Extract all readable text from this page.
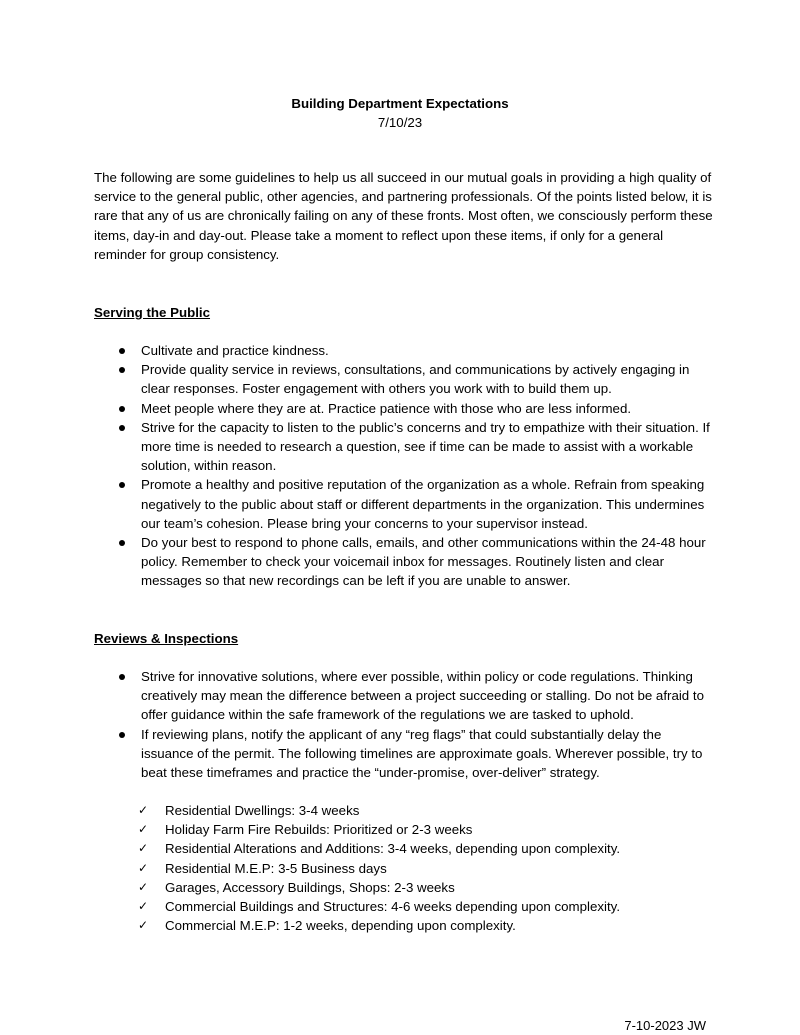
Building Department Expectations
7/10/23

The following are some guidelines to help us all succeed in our mutual goals in providing a high quality of service to the general public, other agencies, and partnering professionals. Of the points listed below, it is rare that any of us are chronically failing on any of these fronts. Most often, we consciously perform these items, day-in and day-out. Please take a moment to reflect upon these items, if only for a general reminder for group consistency.

Serving the Public
Cultivate and practice kindness.
Provide quality service in reviews, consultations, and communications by actively engaging in clear responses. Foster engagement with others you work with to build them up.
Meet people where they are at. Practice patience with those who are less informed.
Strive for the capacity to listen to the public’s concerns and try to empathize with their situation. If more time is needed to research a question, see if time can be made to assist with a workable solution, within reason.
Promote a healthy and positive reputation of the organization as a whole. Refrain from speaking negatively to the public about staff or different departments in the organization. This undermines our team’s cohesion. Please bring your concerns to your supervisor instead.
Do your best to respond to phone calls, emails, and other communications within the 24-48 hour policy. Remember to check your voicemail inbox for messages. Routinely listen and clear messages so that new recordings can be left if you are unable to answer.
Reviews & Inspections
Strive for innovative solutions, where ever possible, within policy or code regulations. Thinking creatively may mean the difference between a project succeeding or stalling. Do not be afraid to offer guidance within the safe framework of the regulations we are tasked to uphold.
If reviewing plans, notify the applicant of any “reg flags” that could substantially delay the issuance of the permit. The following timelines are approximate goals. Wherever possible, try to beat these timeframes and practice the “under-promise, over-deliver” strategy.
✓ Residential Dwellings: 3-4 weeks
✓ Holiday Farm Fire Rebuilds: Prioritized or 2-3 weeks
✓ Residential Alterations and Additions: 3-4 weeks, depending upon complexity.
✓ Residential M.E.P: 3-5 Business days
✓ Garages, Accessory Buildings, Shops: 2-3 weeks
✓ Commercial Buildings and Structures: 4-6 weeks depending upon complexity.
✓ Commercial M.E.P: 1-2 weeks, depending upon complexity.
7-10-2023 JW
